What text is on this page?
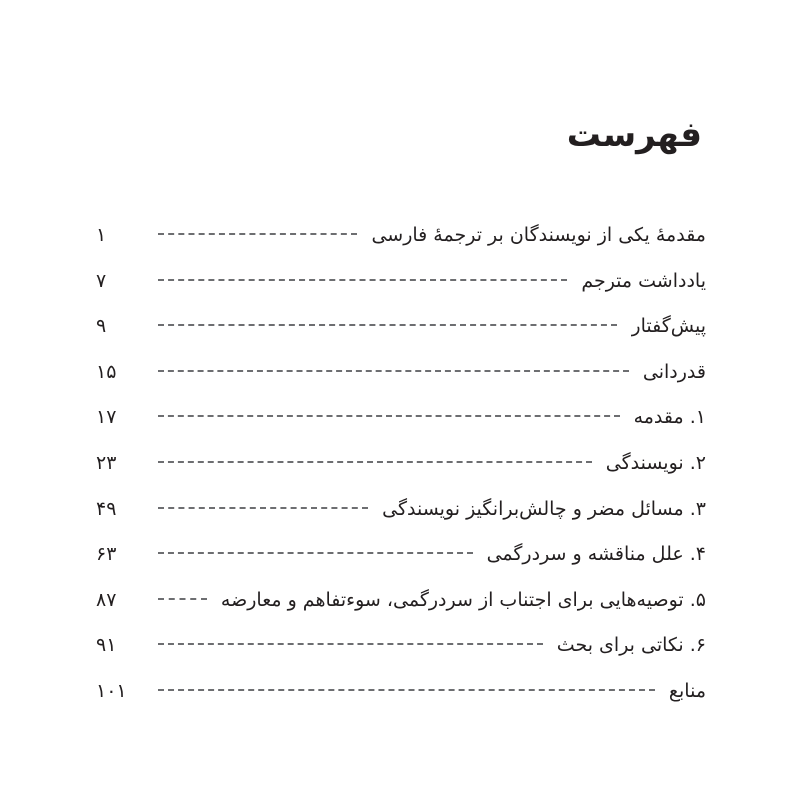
فهرست
۱	مقدمهٔ یکی از نویسندگان بر ترجمهٔ فارسی
۷	یادداشت مترجم
۹	پیش‌گفتار
۱۵	قدردانی
۱۷	۱. مقدمه
۲۳	۲. نویسندگی
۴۹	۳. مسائل مضر و چالش‌برانگیز نویسندگی
۶۳	۴. علل مناقشه و سردرگمی
۸۷	۵. توصیه‌هایی برای اجتناب از سردرگمی، سوءتفاهم و معارضه
۹۱	۶. نکاتی برای بحث
۱۰۱	منابع
